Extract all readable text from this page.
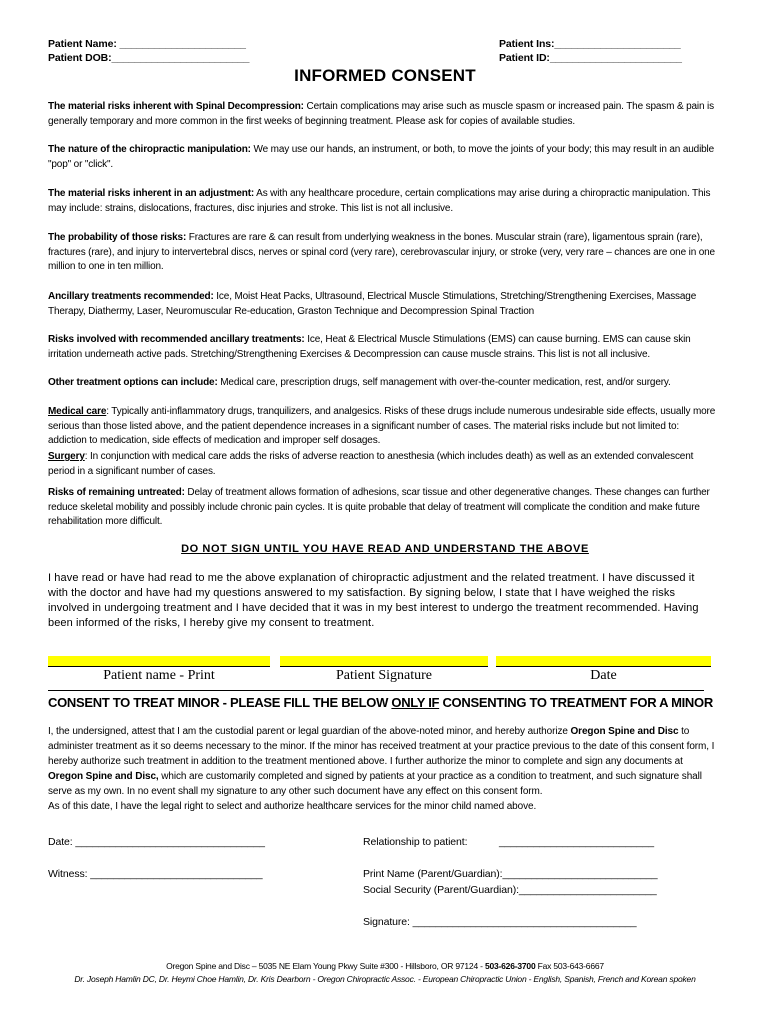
Patient Name: ______________________
Patient DOB:________________________
Patient Ins:______________________
Patient ID:_______________________
INFORMED CONSENT
The material risks inherent with Spinal Decompression: Certain complications may arise such as muscle spasm or increased pain. The spasm & pain is generally temporary and more common in the first weeks of beginning treatment. Please ask for copies of available studies.
The nature of the chiropractic manipulation: We may use our hands, an instrument, or both, to move the joints of your body; this may result in an audible "pop" or "click".
The material risks inherent in an adjustment: As with any healthcare procedure, certain complications may arise during a chiropractic manipulation. This may include: strains, dislocations, fractures, disc injuries and stroke. This list is not all inclusive.
The probability of those risks: Fractures are rare & can result from underlying weakness in the bones. Muscular strain (rare), ligamentous sprain (rare), fractures (rare), and injury to intervertebral discs, nerves or spinal cord (very rare), cerebrovascular injury, or stroke (very, very rare – chances are one in one million to one in ten million.
Ancillary treatments recommended: Ice, Moist Heat Packs, Ultrasound, Electrical Muscle Stimulations, Stretching/Strengthening Exercises, Massage Therapy, Diathermy, Laser, Neuromuscular Re-education, Graston Technique and Decompression Spinal Traction
Risks involved with recommended ancillary treatments: Ice, Heat & Electrical Muscle Stimulations (EMS) can cause burning. EMS can cause skin irritation underneath active pads. Stretching/Strengthening Exercises & Decompression can cause muscle strains. This list is not all inclusive.
Other treatment options can include: Medical care, prescription drugs, self management with over-the-counter medication, rest, and/or surgery.
Medical care: Typically anti-inflammatory drugs, tranquilizers, and analgesics. Risks of these drugs include numerous undesirable side effects, usually more serious than those listed above, and the patient dependence increases in a significant number of cases. The material risks include but not limited to: addiction to medication, side effects of medication and improper self dosages.
Surgery: In conjunction with medical care adds the risks of adverse reaction to anesthesia (which includes death) as well as an extended convalescent period in a significant number of cases.
Risks of remaining untreated: Delay of treatment allows formation of adhesions, scar tissue and other degenerative changes. These changes can further reduce skeletal mobility and possibly include chronic pain cycles. It is quite probable that delay of treatment will complicate the condition and make future rehabilitation more difficult.
DO NOT SIGN UNTIL YOU HAVE READ AND UNDERSTAND THE ABOVE
I have read or have had read to me the above explanation of chiropractic adjustment and the related treatment. I have discussed it with the doctor and have had my questions answered to my satisfaction. By signing below, I state that I have weighed the risks involved in undergoing treatment and I have decided that it was in my best interest to undergo the treatment recommended. Having been informed of the risks, I hereby give my consent to treatment.
Patient name - Print	Patient Signature	Date
CONSENT TO TREAT MINOR - PLEASE FILL THE BELOW ONLY IF CONSENTING TO TREATMENT FOR A MINOR
I, the undersigned, attest that I am the custodial parent or legal guardian of the above-noted minor, and hereby authorize Oregon Spine and Disc to administer treatment as it so deems necessary to the minor. If the minor has received treatment at your practice previous to the date of this consent form, I hereby authorize such treatment in addition to the treatment mentioned above. I further authorize the minor to complete and sign any documents at Oregon Spine and Disc, which are customarily completed and signed by patients at your practice as a condition to treatment, and such signature shall serve as my own. In no event shall my signature to any other such document have any effect on this consent form.
As of this date, I have the legal right to select and authorize healthcare services for the minor child named above.
Date: _________________________________	Relationship to patient:	___________________________
Witness: ______________________________	Print Name (Parent/Guardian):___________________________
Social Security (Parent/Guardian):________________________
Signature: _______________________________________
Oregon Spine and Disc – 5035 NE Elam Young Pkwy Suite #300 - Hillsboro, OR 97124 - 503-626-3700 Fax 503-643-6667
Dr. Joseph Hamlin DC, Dr. Heymi Choe Hamlin, Dr. Kris Dearborn - Oregon Chiropractic Assoc. - European Chiropractic Union - English, Spanish, French and Korean spoken
